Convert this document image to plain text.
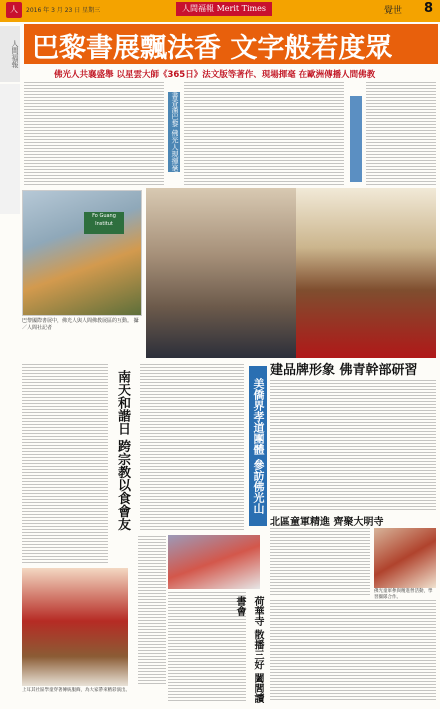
人	2016 年 3 月 23 日 星期三	人間福報 Merit Times	覺世 8
人間福報 巴黎書展飄法香 文字般若度眾
佛光人共襄盛舉 以星雲大師《365日》法文版等著作、現場揮毫 在歐洲傳播人間佛教
書香滿巴黎 佛光人現揮毫
Fo Guang Institut
巴黎國際書展中，佛光人與人間佛教展區的互動。 攝／人間社記者
建品牌形象 佛青幹部研習
美僑界孝道團體 參訪佛光山
南天和諧日 跨宗教以食會友	北區童軍精進 齊聚大明寺
佛光童軍參與精進營活動，學習團隊合作。
荷華寺 散播三好 闔閭讀書會
上耳其社區學童穿著傳統服飾，為大家帶來精彩演出。
